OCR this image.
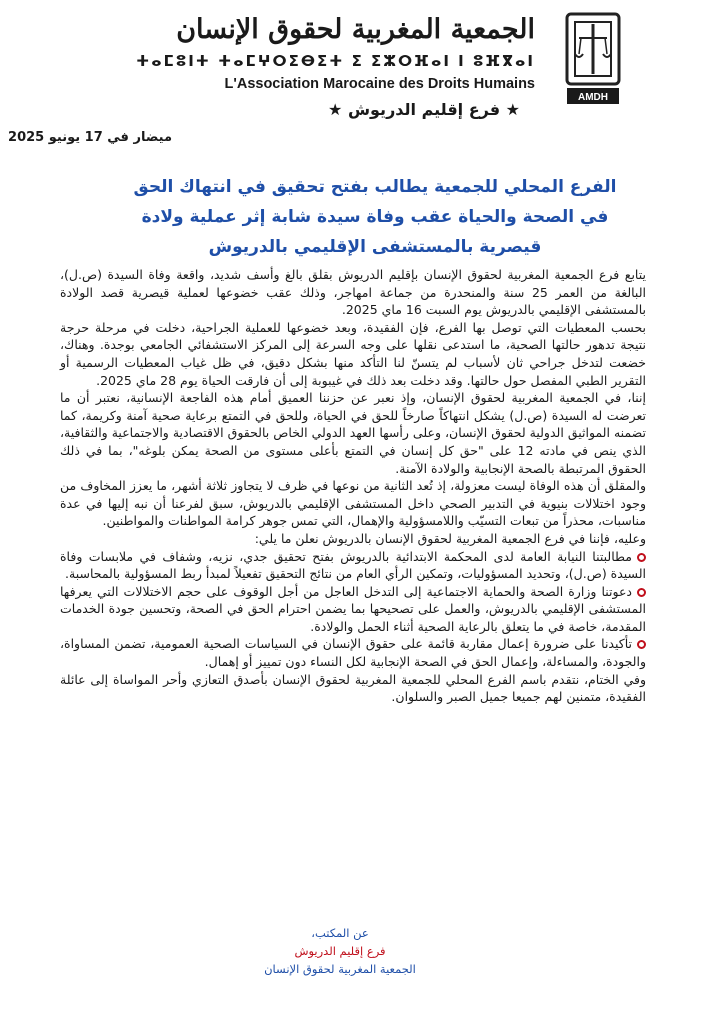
الجمعية المغربية لحقوق الإنسان
ⵜⴰⵎⵓⵏⵜ ⵜⴰⵎⵖⵔⵉⴱⵉⵜ ⵉ ⵉⵣⵔⴼⴰⵏ ⵏ ⵓⴼⴳⴰⵏ
L'Association Marocaine des Droits Humains
★ فرع إقليم الدريوش ★
AMDH
ميضار في 17 يونيو 2025
الفرع المحلي للجمعية يطالب بفتح تحقيق في انتهاك الحق في الصحة والحياة عقب وفاة سيدة شابة إثر عملية ولادة قيصرية بالمستشفى الإقليمي بالدريوش

يتابع فرع الجمعية المغربية لحقوق الإنسان بإقليم الدريوش بقلق بالغ وأسف شديد، واقعة وفاة السيدة (ص.ل)، البالغة من العمر 25 سنة والمنحدرة من جماعة امهاجر، وذلك عقب خضوعها لعملية قيصرية قصد الولادة بالمستشفى الإقليمي بالدريوش يوم السبت 16 ماي 2025.

بحسب المعطيات التي توصل بها الفرع، فإن الفقيدة، وبعد خضوعها للعملية الجراحية، دخلت في مرحلة حرجة نتيجة تدهور حالتها الصحية، ما استدعى نقلها على وجه السرعة إلى المركز الاستشفائي الجامعي بوجدة. وهناك، خضعت لتدخل جراحي ثان لأسباب لم يتسنّ لنا التأكد منها بشكل دقيق، في ظل غياب المعطيات الرسمية أو التقرير الطبي المفصل حول حالتها. وقد دخلت بعد ذلك في غيبوبة إلى أن فارقت الحياة يوم 28 ماي 2025.

إننا، في الجمعية المغربية لحقوق الإنسان، وإذ نعبر عن حزننا العميق أمام هذه الفاجعة الإنسانية، نعتبر أن ما تعرضت له السيدة (ص.ل) يشكل انتهاكاً صارخاً للحق في الحياة، وللحق في التمتع برعاية صحية آمنة وكريمة، كما تضمنه المواثيق الدولية لحقوق الإنسان، وعلى رأسها العهد الدولي الخاص بالحقوق الاقتصادية والاجتماعية والثقافية، الذي ينص في مادته 12 على "حق كل إنسان في التمتع بأعلى مستوى من الصحة يمكن بلوغه"، بما في ذلك الحقوق المرتبطة بالصحة الإنجابية والولادة الآمنة.

والمقلق أن هذه الوفاة ليست معزولة، إذ تُعد الثانية من نوعها في ظرف لا يتجاوز ثلاثة أشهر، ما يعزز المخاوف من وجود اختلالات بنيوية في التدبير الصحي داخل المستشفى الإقليمي بالدريوش، سبق لفرعنا أن نبه إليها في عدة مناسبات، محذراً من تبعات التسيّب واللامسؤولية والإهمال، التي تمس جوهر كرامة المواطنات والمواطنين.

وعليه، فإننا في فرع الجمعية المغربية لحقوق الإنسان بالدريوش نعلن ما يلي:

مطالبتنا النيابة العامة لدى المحكمة الابتدائية بالدريوش بفتح تحقيق جدي، نزيه، وشفاف في ملابسات وفاة السيدة (ص.ل)، وتحديد المسؤوليات، وتمكين الرأي العام من نتائج التحقيق تفعيلاً لمبدأ ربط المسؤولية بالمحاسبة.

دعوتنا وزارة الصحة والحماية الاجتماعية إلى التدخل العاجل من أجل الوقوف على حجم الاختلالات التي يعرفها المستشفى الإقليمي بالدريوش، والعمل على تصحيحها بما يضمن احترام الحق في الصحة، وتحسين جودة الخدمات المقدمة، خاصة في ما يتعلق بالرعاية الصحية أثناء الحمل والولادة.

تأكيدنا على ضرورة إعمال مقاربة قائمة على حقوق الإنسان في السياسات الصحية العمومية، تضمن المساواة، والجودة، والمساءلة، وإعمال الحق في الصحة الإنجابية لكل النساء دون تمييز أو إهمال.

وفي الختام، نتقدم باسم الفرع المحلي للجمعية المغربية لحقوق الإنسان بأصدق التعازي وأحر المواساة إلى عائلة الفقيدة، متمنين لهم جميعا جميل الصبر والسلوان.

عن المكتب،
فرع إقليم الدريوش
الجمعية المغربية لحقوق الإنسان
